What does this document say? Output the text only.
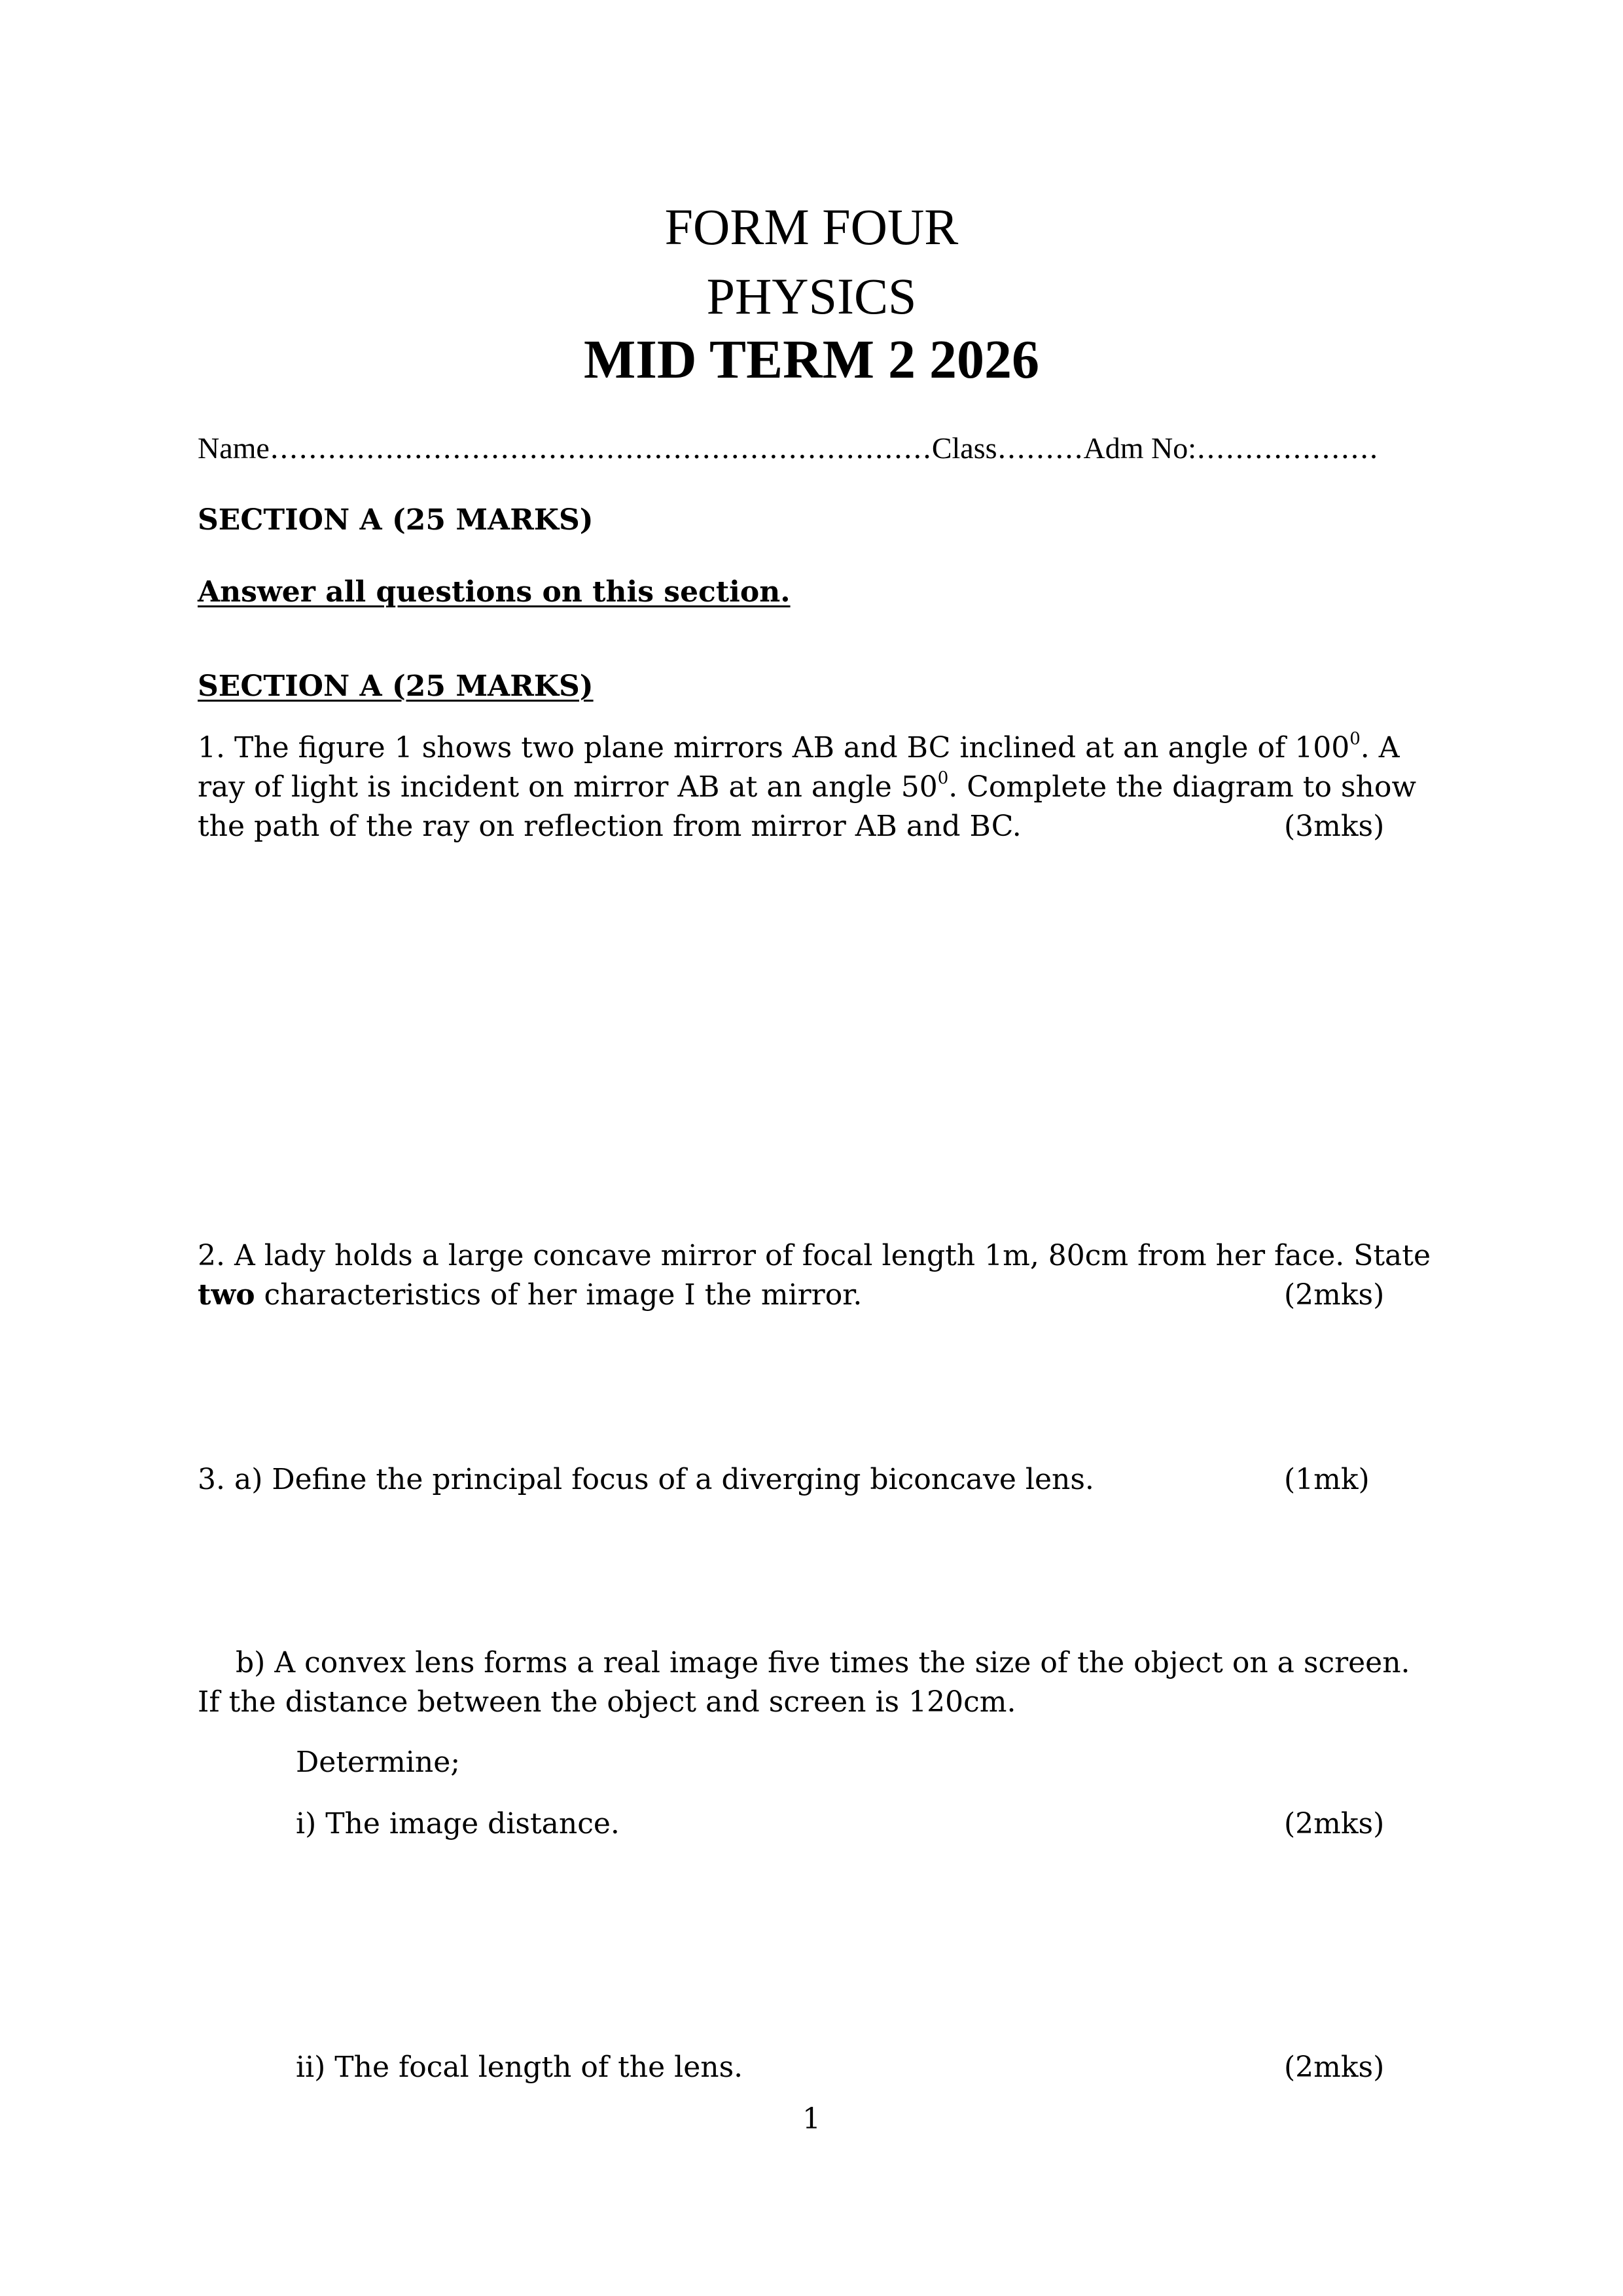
FORM FOUR
PHYSICS
MID TERM 2 2026
Name……………………………………………………………Class………Adm No:……………….
SECTION A (25 MARKS)
Answer all questions on this section.
SECTION A (25 MARKS)
1. The figure 1 shows two plane mirrors AB and BC inclined at an angle of $100^0$. A
ray of light is incident on mirror AB at an angle $50^0$. Complete the diagram to show
the path of the ray on reflection from mirror AB and BC.	(3mks)
2. A lady holds a large concave mirror of focal length 1m, 80cm from her face. State
two characteristics of her image I the mirror.	(2mks)
3. a) Define the principal focus of a diverging biconcave lens.	(1mk)
b) A convex lens forms a real image five times the size of the object on a screen.
If the distance between the object and screen is 120cm.
Determine;
i) The image distance.	(2mks)
ii) The focal length of the lens.	(2mks)
1
